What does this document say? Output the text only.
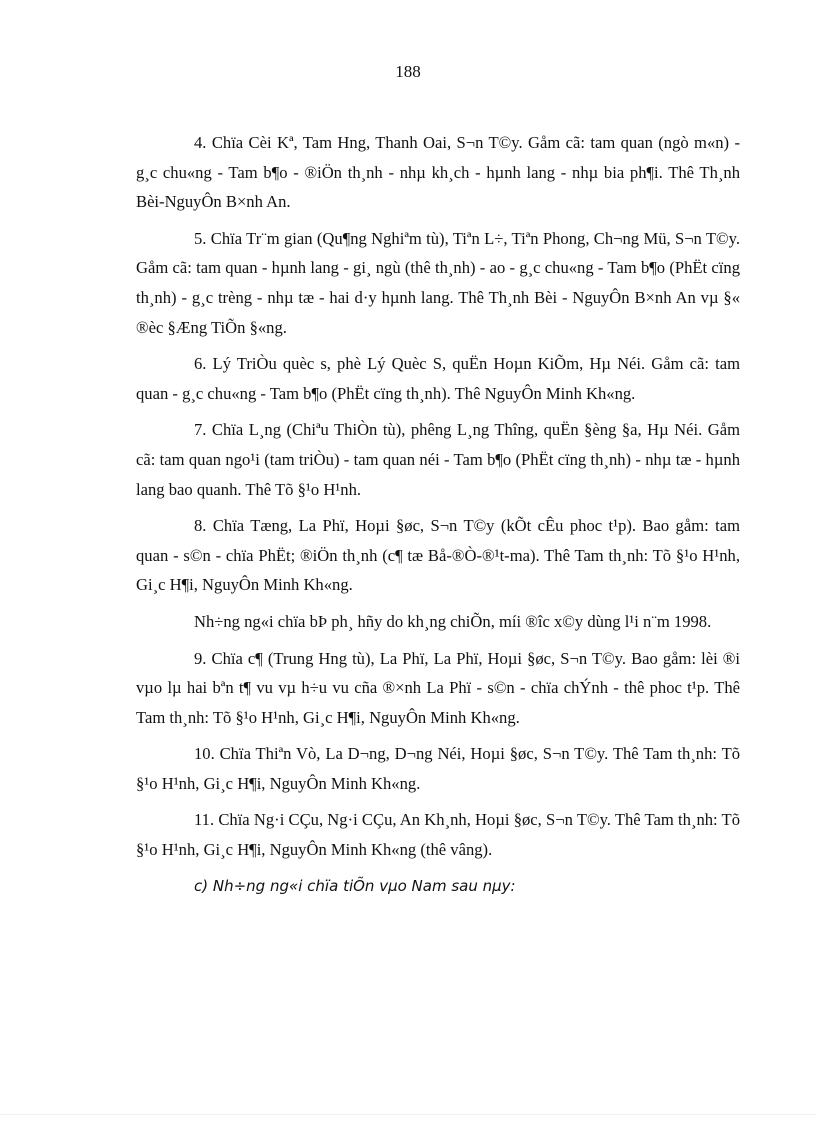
188

4. Chïa Cèi Kª, Tam Hng, Thanh Oai, S¬n T©y. Gåm cã: tam quan (ngò m«n) - g¸c chu«ng - Tam b¶o - ®iÖn th¸nh - nhµ kh¸ch - hµnh lang - nhµ bia ph¶i. Thê Th¸nh Bèi-NguyÔn B×nh An.

5. Chïa Tr¨m gian (Qu¶ng Nghiªm tù), Tiªn L÷, Tiªn Phong, Ch¬ng Mü, S¬n T©y. Gåm cã: tam quan - hµnh lang - gi¸ ngù (thê th¸nh) - ao - g¸c chu«ng - Tam b¶o (PhËt cïng th¸nh) - g¸c trèng - nhµ tæ - hai d·y hµnh lang. Thê Th¸nh Bèi - NguyÔn B×nh An vµ §« ®èc §Æng TiÕn §«ng.

6. Lý TriÒu quèc s, phè Lý Quèc S, quËn Hoµn KiÕm, Hµ Néi. Gåm cã: tam quan - g¸c chu«ng - Tam b¶o (PhËt cïng th¸nh). Thê NguyÔn Minh Kh«ng.

7. Chïa L¸ng (Chiªu ThiÒn tù), phêng L¸ng Thîng, quËn §èng §a, Hµ Néi. Gåm cã: tam quan ngo¹i (tam triÒu) - tam quan néi - Tam b¶o (PhËt cïng th¸nh) - nhµ tæ - hµnh lang bao quanh. Thê Tõ §¹o H¹nh.

8. Chïa Tæng, La Phï, Hoµi §øc, S¬n T©y (kÕt cÊu phoc t¹p). Bao gåm: tam quan - s©n - chïa PhËt; ®iÖn th¸nh (c¶ tæ Bå-®Ò-®¹t-ma). Thê Tam th¸nh: Tõ §¹o H¹nh, Gi¸c H¶i, NguyÔn Minh Kh«ng.

Nh÷ng ng«i chïa bÞ ph¸ hñy do kh¸ng chiÕn, míi ®îc x©y dùng l¹i n¨m 1998.

9. Chïa c¶ (Trung Hng tù), La Phï, La Phï, Hoµi §øc, S¬n T©y. Bao gåm: lèi ®i vµo lµ hai bªn t¶ vu vµ h÷u vu cña ®×nh La Phï - s©n - chïa chÝnh - thê phoc t¹p. Thê Tam th¸nh: Tõ §¹o H¹nh, Gi¸c H¶i, NguyÔn Minh Kh«ng.

10. Chïa Thiªn Vò, La D¬ng, D¬ng Néi, Hoµi §øc, S¬n T©y. Thê Tam th¸nh: Tõ §¹o H¹nh, Gi¸c H¶i, NguyÔn Minh Kh«ng.

11. Chïa Ng·i CÇu, Ng·i CÇu, An Kh¸nh, Hoµi §øc, S¬n T©y. Thê Tam th¸nh: Tõ §¹o H¹nh, Gi¸c H¶i, NguyÔn Minh Kh«ng (thê vâng).

c) Nh÷ng ng«i chïa tiÕn vµo Nam sau nµy:
